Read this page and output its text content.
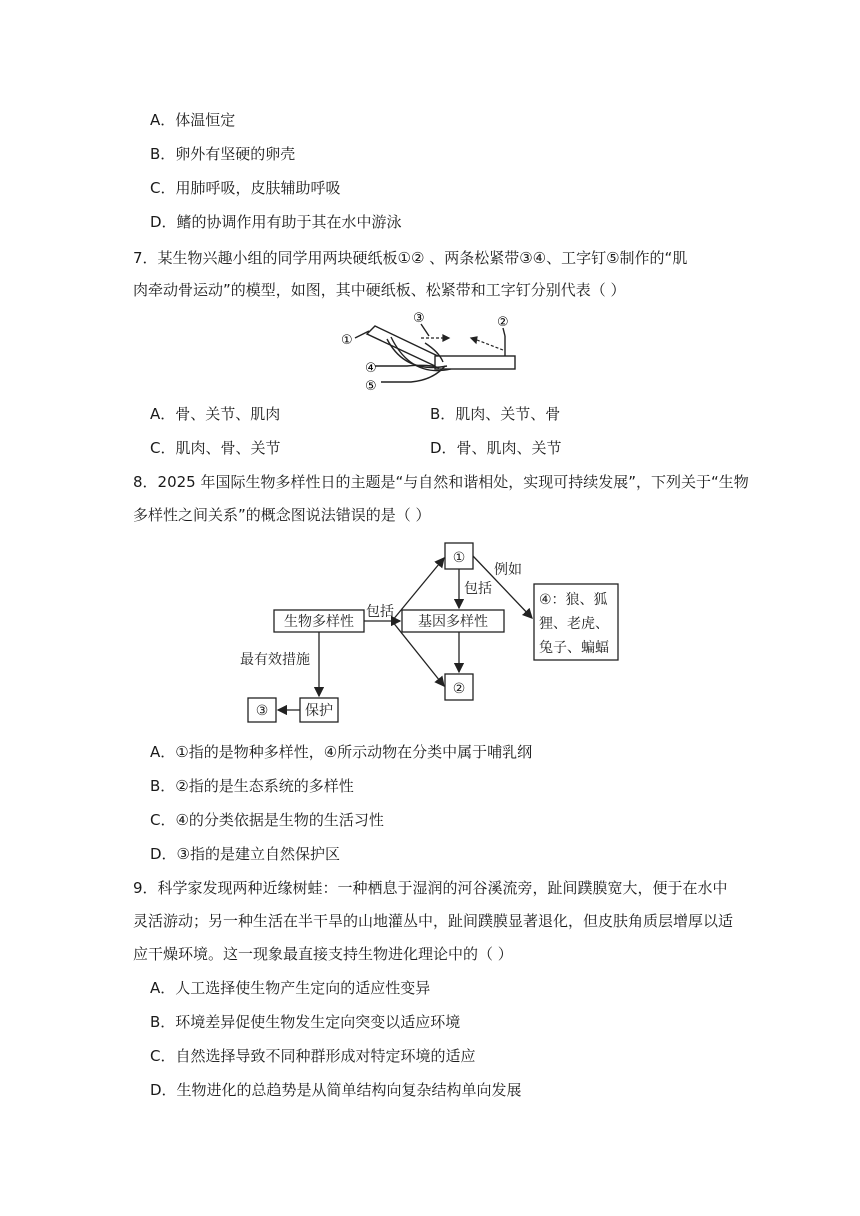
A．体温恒定
B．卵外有坚硬的卵壳
C．用肺呼吸，皮肤辅助呼吸
D．鳍的协调作用有助于其在水中游泳
7．某生物兴趣小组的同学用两块硬纸板①② 、两条松紧带③④、工字钉⑤制作的“肌
肉牵动骨运动”的模型，如图，其中硬纸板、松紧带和工字钉分别代表（ ）
①
②
③
④
⑤
A．骨、关节、肌肉	B．肌肉、关节、骨
C．肌肉、骨、关节	D．骨、肌肉、关节
8．2025 年国际生物多样性日的主题是“与自然和谐相处，实现可持续发展”，下列关于“生物
多样性之间关系”的概念图说法错误的是（ ）
生物多样性
包括
①
包括
例如
基因多样性
②
④：狼、狐
狸、老虎、
兔子、蝙蝠
最有效措施
保护
③
A．①指的是物种多样性，④所示动物在分类中属于哺乳纲
B．②指的是生态系统的多样性
C．④的分类依据是生物的生活习性
D．③指的是建立自然保护区
9．科学家发现两种近缘树蛙：一种栖息于湿润的河谷溪流旁，趾间蹼膜宽大，便于在水中
灵活游动；另一种生活在半干旱的山地灌丛中，趾间蹼膜显著退化，但皮肤角质层增厚以适
应干燥环境。这一现象最直接支持生物进化理论中的（ ）
A．人工选择使生物产生定向的适应性变异
B．环境差异促使生物发生定向突变以适应环境
C．自然选择导致不同种群形成对特定环境的适应
D．生物进化的总趋势是从简单结构向复杂结构单向发展
